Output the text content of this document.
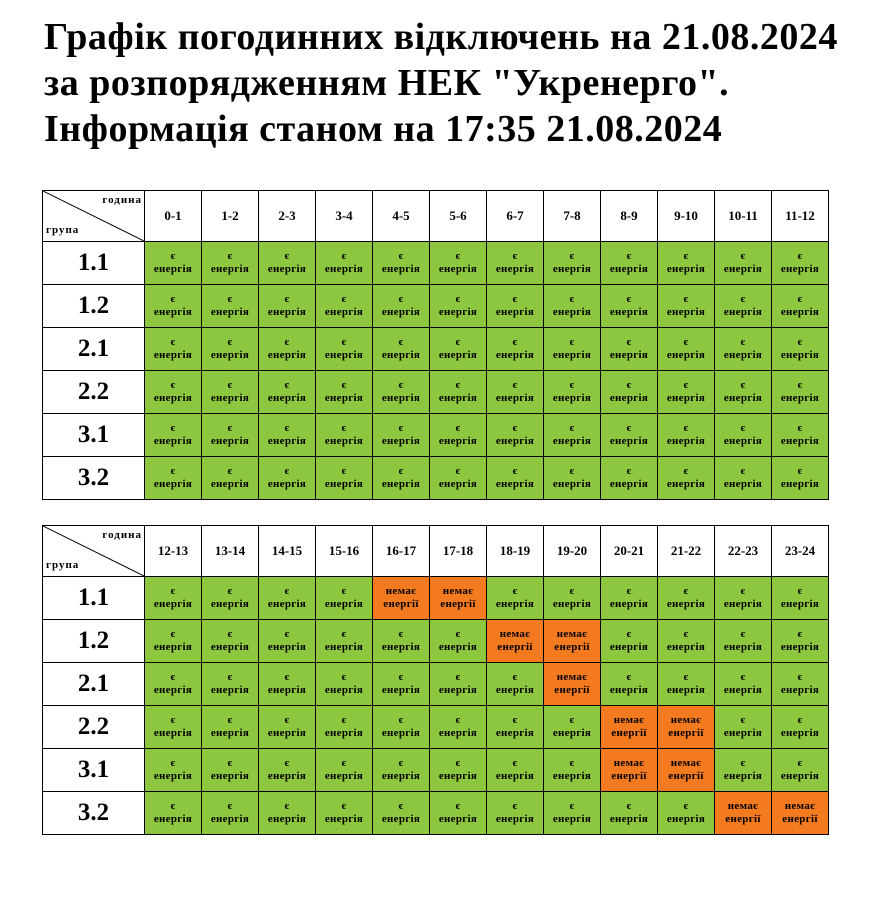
Графік погодинних відключень на 21.08.2024
за розпорядженням НЕК "Укренерго".
Інформація станом на 17:35 21.08.2024
година
група	0-1	1-2	2-3	3-4	4-5	5-6	6-7	7-8	8-9	9-10	10-11	11-12
1.1	є
енергія	є
енергія	є
енергія	є
енергія	є
енергія	є
енергія	є
енергія	є
енергія	є
енергія	є
енергія	є
енергія	є
енергія

1.2	є
енергія	є
енергія	є
енергія	є
енергія	є
енергія	є
енергія	є
енергія	є
енергія	є
енергія	є
енергія	є
енергія	є
енергія

2.1	є
енергія	є
енергія	є
енергія	є
енергія	є
енергія	є
енергія	є
енергія	є
енергія	є
енергія	є
енергія	є
енергія	є
енергія

2.2	є
енергія	є
енергія	є
енергія	є
енергія	є
енергія	є
енергія	є
енергія	є
енергія	є
енергія	є
енергія	є
енергія	є
енергія

3.1	є
енергія	є
енергія	є
енергія	є
енергія	є
енергія	є
енергія	є
енергія	є
енергія	є
енергія	є
енергія	є
енергія	є
енергія

3.2	є
енергія	є
енергія	є
енергія	є
енергія	є
енергія	є
енергія	є
енергія	є
енергія	є
енергія	є
енергія	є
енергія	є
енергія
година
група	12-13	13-14	14-15	15-16	16-17	17-18	18-19	19-20	20-21	21-22	22-23	23-24
1.1	є
енергія	є
енергія	є
енергія	є
енергія	немає
енергії	немає
енергії	є
енергія	є
енергія	є
енергія	є
енергія	є
енергія	є
енергія

1.2	є
енергія	є
енергія	є
енергія	є
енергія	є
енергія	є
енергія	немає
енергії	немає
енергії	є
енергія	є
енергія	є
енергія	є
енергія

2.1	є
енергія	є
енергія	є
енергія	є
енергія	є
енергія	є
енергія	є
енергія	немає
енергії	є
енергія	є
енергія	є
енергія	є
енергія

2.2	є
енергія	є
енергія	є
енергія	є
енергія	є
енергія	є
енергія	є
енергія	є
енергія	немає
енергії	немає
енергії	є
енергія	є
енергія

3.1	є
енергія	є
енергія	є
енергія	є
енергія	є
енергія	є
енергія	є
енергія	є
енергія	немає
енергії	немає
енергії	є
енергія	є
енергія

3.2	є
енергія	є
енергія	є
енергія	є
енергія	є
енергія	є
енергія	є
енергія	є
енергія	є
енергія	є
енергія	немає
енергії	немає
енергії
